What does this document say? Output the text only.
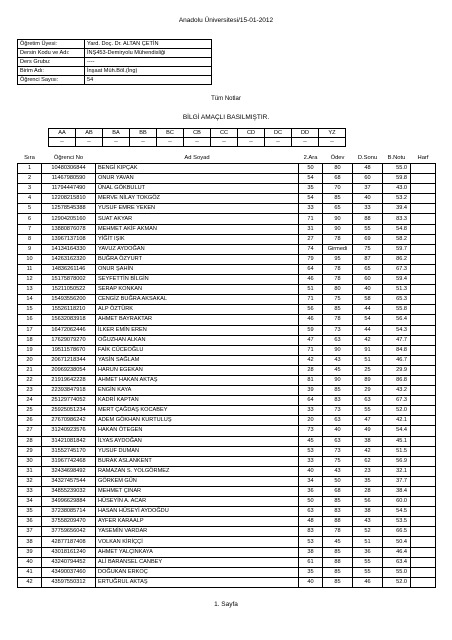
Anadolu Üniversitesi/15-01-2012
Öğretim Üyesi:	Yard. Doç. Dr. ALTAN ÇETİN
Dersin Kodu ve Adı:	İNŞ453-Demiryolu Mühendisliği
Ders Grubu:	----
Birim Adı:	İnşaat Müh.Böl.(İng)
Öğrenci Sayısı:	54
Tüm Notlar
BİLGİ AMAÇLI BASILMIŞTIR.
AA	AB	BA	BB	BC	CB	CC	CD	DC	DD	YZ
--	--	--	--	--	--	--	--	--	--	--
Sıra	Öğrenci No	Ad Soyad	2.Ara	Ödev	D.Sonu	B.Notu	Harf
1	10480306844	BENGİ KIPÇAK	50	80	48	55.0	
2	11467980590	ONUR YAVAN	54	68	60	59.8	
3	11794447490	ÜNAL GÖKBULUT	35	70	37	43.0	
4	12208215810	MERVE NİLAY TOKGÖZ	54	85	40	53.2	
5	12578545388	YUSUF EMRE YEKEN	33	65	33	39.4	
6	12904205160	SUAT AKYAR	71	90	88	83.3	
7	13880876078	MEHMET AKİF AKMAN	31	90	55	54.8	
8	13967137108	YİĞİT IŞIK	27	78	69	58.2	
9	14134164330	YAVUZ AYDOĞAN	74	Girmedi	75	59.7	
10	14263162320	BUĞRA ÖZYURT	79	95	87	86.2	
11	14836261146	ONUR ŞAHİN	64	78	65	67.3	
12	15175878002	SEYFETTİN BİLGİN	46	78	60	59.4	
13	15211050522	SERAP KONKAN	51	80	40	51.3	
14	15493556200	CENGİZ BUĞRA AKSAKAL	71	75	58	65.3	
15	15526118210	ALP ÖZTÜRK	56	85	44	55.8	
16	15632083918	AHMET BAYRAKTAR	46	78	54	56.4	
17	16472062446	İLKER EMİN EREN	59	73	44	54.3	
18	17629079270	OĞUZHAN ALKAN	47	63	42	47.7	
19	19511578670	FAİK CÜCEOĞLU	71	90	91	84.8	
20	20671218344	YASİN SAĞLAM	42	43	51	46.7	
21	20969238054	HARUN EGEKAN	28	45	25	29.9	
22	21919642228	AHMET HAKAN AKTAŞ	81	90	89	86.8	
23	22393847918	ENGİN KAYA	39	85	29	43.2	
24	25129774052	KADRİ KAPTAN	64	83	63	67.3	
25	25925051234	MERT ÇAĞDAŞ KOCABEY	33	73	55	52.0	
26	27670986242	ADEM GÖKHAN KURTULUŞ	20	63	47	42.1	
27	31240923576	HAKAN ÖTEGEN	73	40	49	54.4	
28	31421081842	İLYAS AYDOĞAN	45	63	38	45.1	
29	31552745170	YUSUF DUMAN	53	73	42	51.5	
30	31967742468	BURAK ASLANKENT	33	75	62	56.9	
31	32434698492	RAMAZAN S. YOLGÖRMEZ	40	43	23	32.1	
32	34327457544	GÖRKEM GÜN	34	50	35	37.7	
33	34855239032	MEHMET ÇINAR	36	68	28	38.4	
34	34996629884	HÜSEYİN A. ACAR	50	85	56	60.0	
35	37238085714	HASAN HÜSEYİ AYDOĞDU	63	83	38	54.5	
36	37558209470	AYFER KARAALP	48	88	43	53.5	
37	37759656042	YASEMİN VARDAR	83	78	52	66.5	
38	42877187408	VOLKAN KİRİÇÇİ	53	45	51	50.4	
39	43018161240	AHMET YALÇINKAYA	38	85	36	46.4	
40	43240794452	ALİ BARANSEL CANBEY	61	88	55	63.4	
41	43490037460	DOĞUKAN ERKOÇ	35	85	55	55.0	
42	43597550312	ERTUĞRUL AKTAŞ	40	85	46	52.0	
1. Sayfa
